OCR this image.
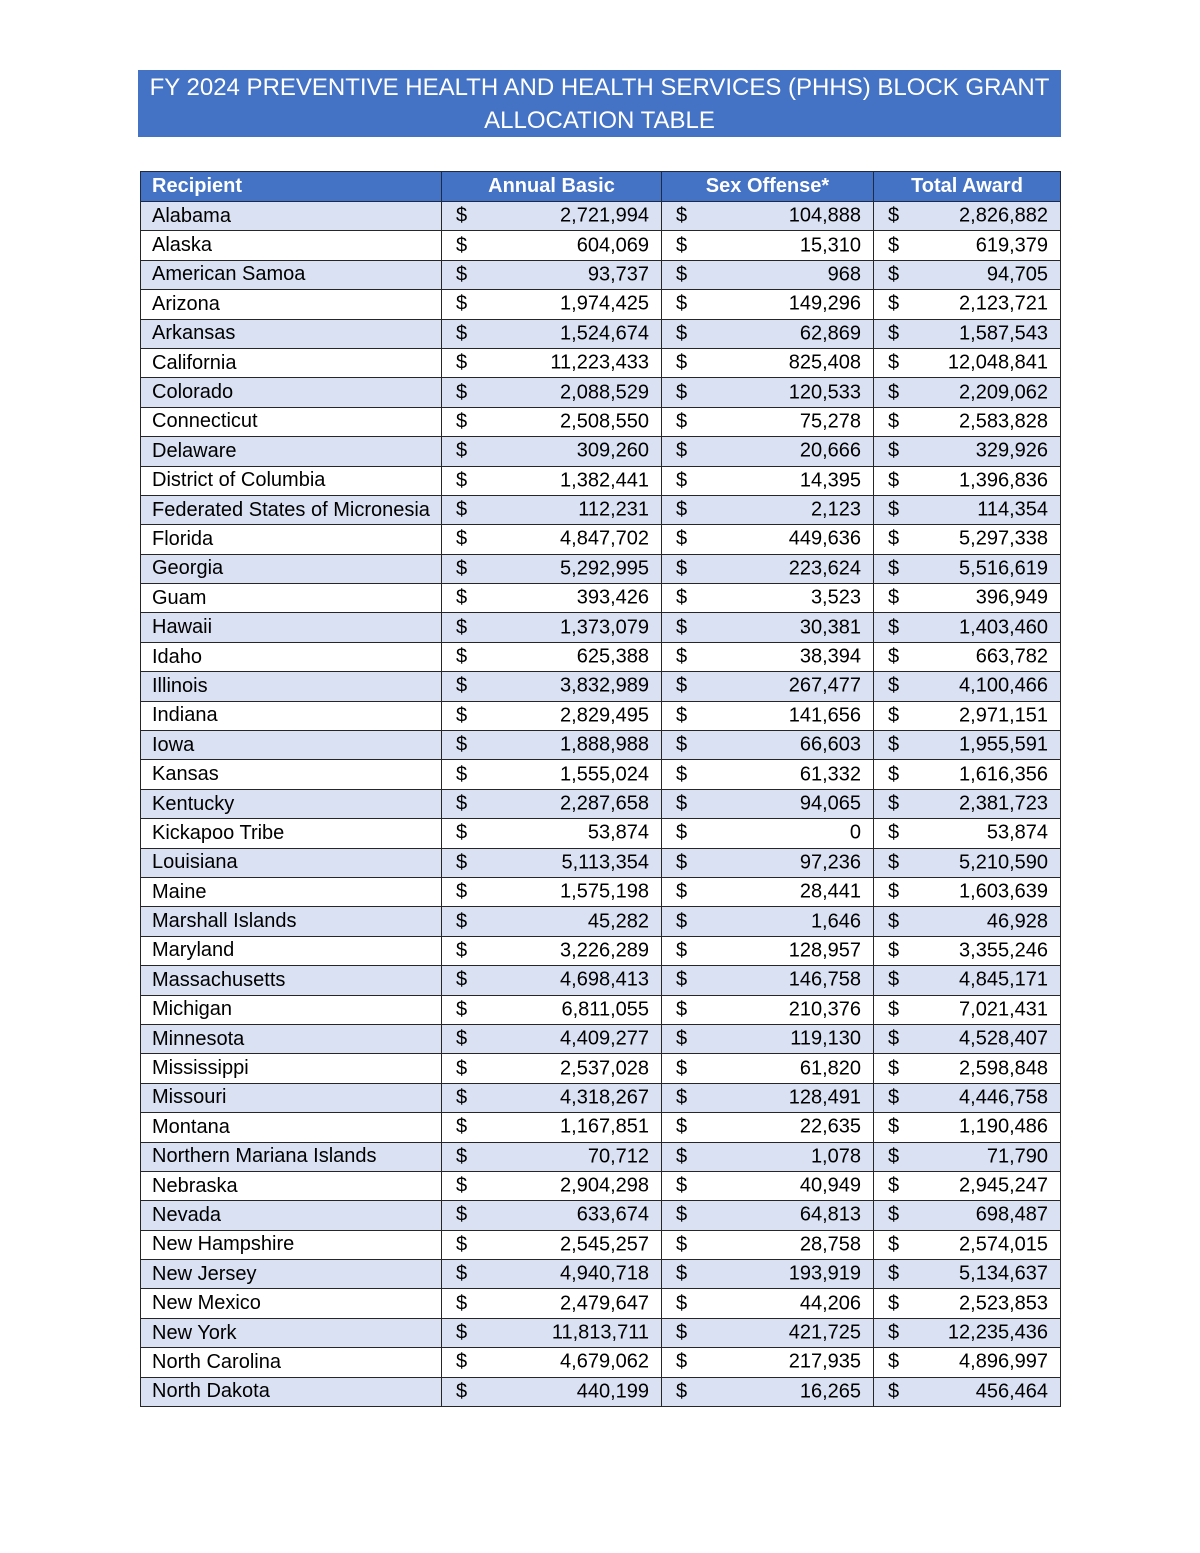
FY 2024 PREVENTIVE HEALTH AND HEALTH SERVICES (PHHS) BLOCK GRANT
ALLOCATION TABLE
Recipient	Annual Basic	Sex Offense*	Total Award
Alabama	$ 2,721,994	$ 104,888	$ 2,826,882

Alaska	$ 604,069	$ 15,310	$ 619,379

American Samoa	$ 93,737	$ 968	$ 94,705

Arizona	$ 1,974,425	$ 149,296	$ 2,123,721

Arkansas	$ 1,524,674	$ 62,869	$ 1,587,543

California	$ 11,223,433	$ 825,408	$ 12,048,841

Colorado	$ 2,088,529	$ 120,533	$ 2,209,062

Connecticut	$ 2,508,550	$ 75,278	$ 2,583,828

Delaware	$ 309,260	$ 20,666	$ 329,926

District of Columbia	$ 1,382,441	$ 14,395	$ 1,396,836

Federated States of Micronesia	$ 112,231	$ 2,123	$ 114,354

Florida	$ 4,847,702	$ 449,636	$ 5,297,338

Georgia	$ 5,292,995	$ 223,624	$ 5,516,619

Guam	$ 393,426	$ 3,523	$ 396,949

Hawaii	$ 1,373,079	$ 30,381	$ 1,403,460

Idaho	$ 625,388	$ 38,394	$ 663,782

Illinois	$ 3,832,989	$ 267,477	$ 4,100,466

Indiana	$ 2,829,495	$ 141,656	$ 2,971,151

Iowa	$ 1,888,988	$ 66,603	$ 1,955,591

Kansas	$ 1,555,024	$ 61,332	$ 1,616,356

Kentucky	$ 2,287,658	$ 94,065	$ 2,381,723

Kickapoo Tribe	$ 53,874	$ 0	$ 53,874

Louisiana	$ 5,113,354	$ 97,236	$ 5,210,590

Maine	$ 1,575,198	$ 28,441	$ 1,603,639

Marshall Islands	$ 45,282	$ 1,646	$ 46,928

Maryland	$ 3,226,289	$ 128,957	$ 3,355,246

Massachusetts	$ 4,698,413	$ 146,758	$ 4,845,171

Michigan	$ 6,811,055	$ 210,376	$ 7,021,431

Minnesota	$ 4,409,277	$ 119,130	$ 4,528,407

Mississippi	$ 2,537,028	$ 61,820	$ 2,598,848

Missouri	$ 4,318,267	$ 128,491	$ 4,446,758

Montana	$ 1,167,851	$ 22,635	$ 1,190,486

Northern Mariana Islands	$ 70,712	$ 1,078	$ 71,790

Nebraska	$ 2,904,298	$ 40,949	$ 2,945,247

Nevada	$ 633,674	$ 64,813	$ 698,487

New Hampshire	$ 2,545,257	$ 28,758	$ 2,574,015

New Jersey	$ 4,940,718	$ 193,919	$ 5,134,637

New Mexico	$ 2,479,647	$ 44,206	$ 2,523,853

New York	$ 11,813,711	$ 421,725	$ 12,235,436

North Carolina	$ 4,679,062	$ 217,935	$ 4,896,997

North Dakota	$ 440,199	$ 16,265	$ 456,464
